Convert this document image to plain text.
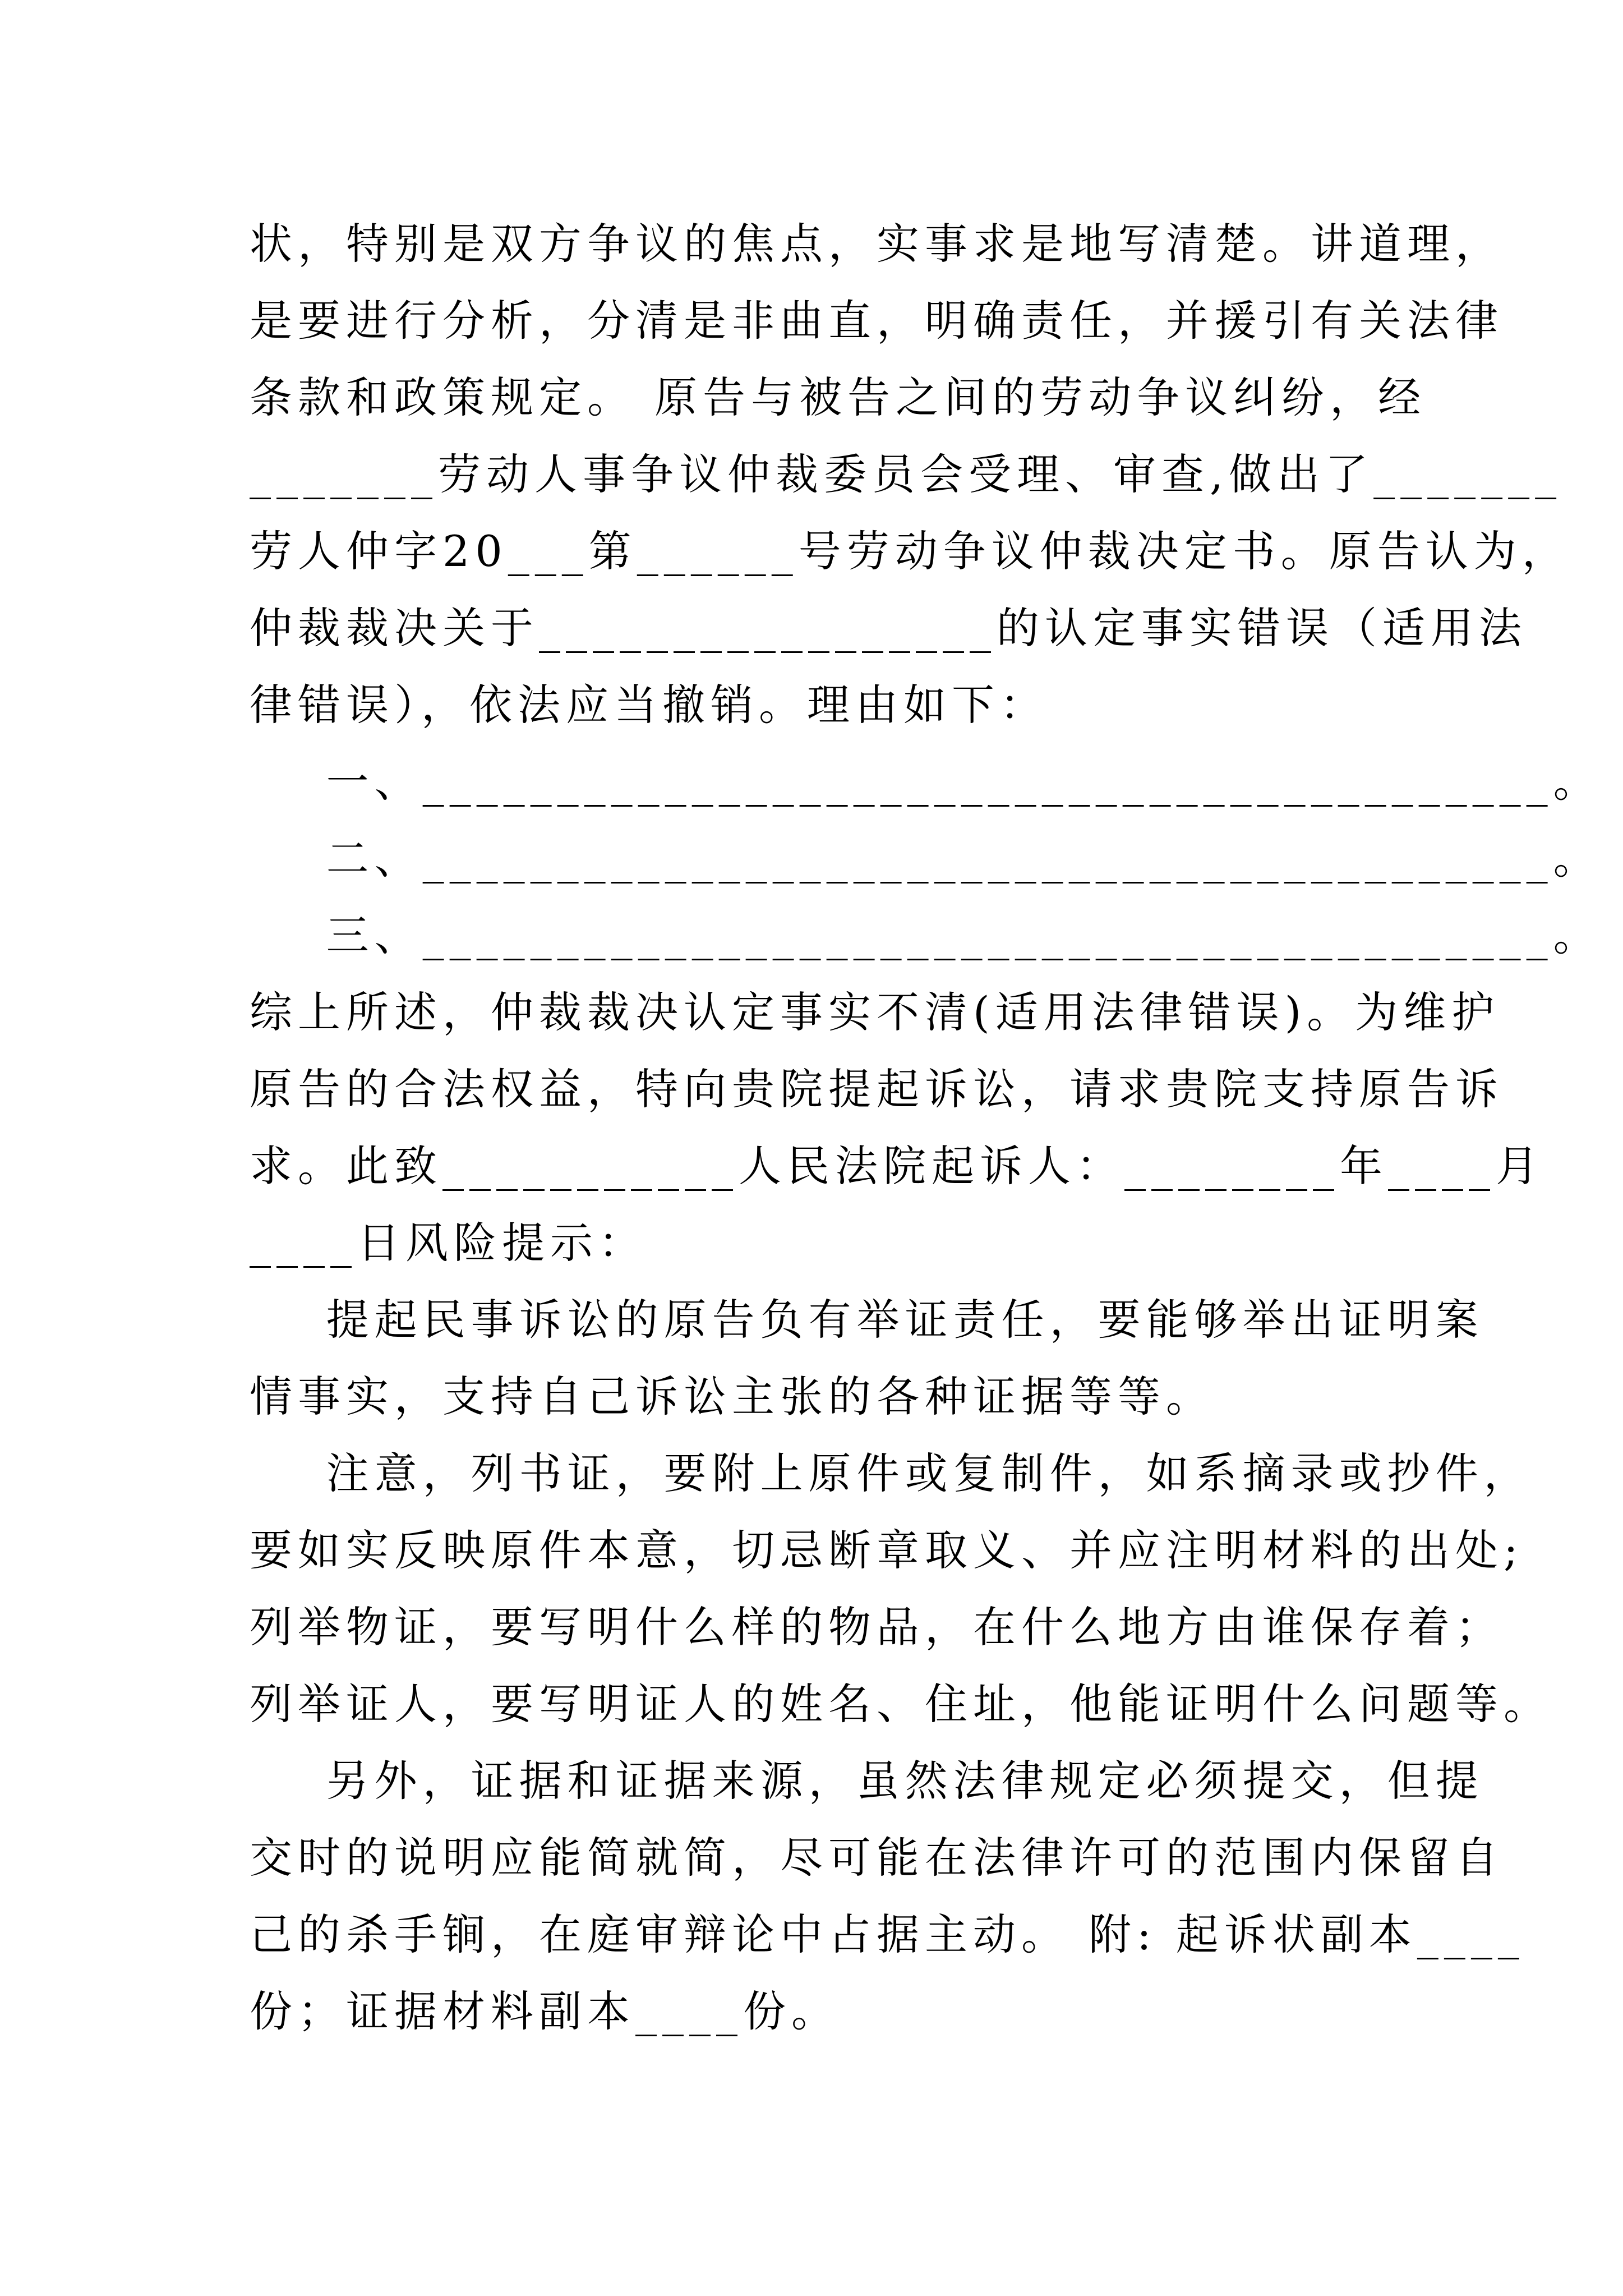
状，特别是双方争议的焦点，实事求是地写清楚。讲道理，
是要进行分析，分清是非曲直，明确责任，并援引有关法律
条款和政策规定。 原告与被告之间的劳动争议纠纷，经
_______劳动人事争议仲裁委员会受理、审查,做出了_______
劳人仲字20___第______号劳动争议仲裁决定书。原告认为，
仲裁裁决关于_________________的认定事实错误（适用法
律错误），依法应当撤销。理由如下：
一、__________________________________________。
二、__________________________________________。
三、__________________________________________。
综上所述，仲裁裁决认定事实不清(适用法律错误)。为维护
原告的合法权益，特向贵院提起诉讼，请求贵院支持原告诉
求。此致___________人民法院起诉人：________年____月
____日风险提示：
提起民事诉讼的原告负有举证责任，要能够举出证明案
情事实，支持自己诉讼主张的各种证据等等。
注意，列书证，要附上原件或复制件，如系摘录或抄件，
要如实反映原件本意，切忌断章取义、并应注明材料的出处;
列举物证，要写明什么样的物品，在什么地方由谁保存着；
列举证人，要写明证人的姓名、住址，他能证明什么问题等。
另外，证据和证据来源，虽然法律规定必须提交，但提
交时的说明应能简就简，尽可能在法律许可的范围内保留自
己的杀手锏，在庭审辩论中占据主动。 附: 起诉状副本____
份；证据材料副本____份。
